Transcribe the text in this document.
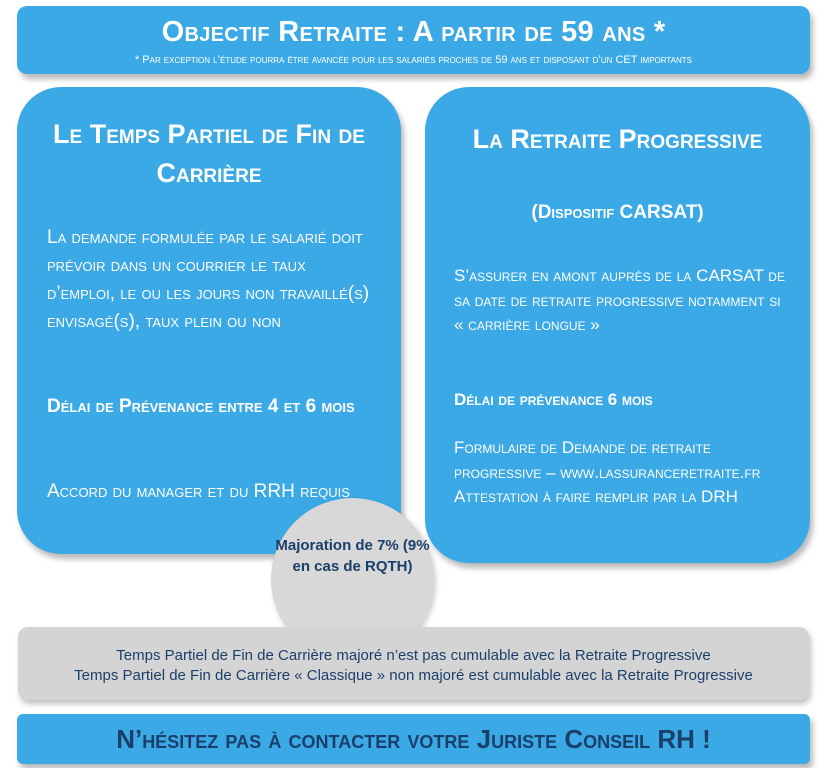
Objectif Retraite : A partir de 59 ans *
* Par exception l’étude pourra être avancée pour les salariés proches de 59 ans et disposant d’un CET importants
Le Temps Partiel de Fin de Carrière
La demande formulée par le salarié doit prévoir dans un courrier le taux d’emploi, le ou les jours non travaillé(s) envisagé(s), taux plein ou non
Délai de Prévenance entre 4 et 6 mois
Accord du manager et du RRH requis
La Retraite Progressive
(Dispositif CARSAT)
S’assurer en amont auprès de la CARSAT de sa date de retraite progressive notamment si « carrière longue »
Délai de prévenance 6 mois
Formulaire de Demande de retraite progressive – www.lassuranceretraite.fr Attestation à faire remplir par la DRH
Majoration de 7% (9% en cas de RQTH)
Temps Partiel de Fin de Carrière majoré n’est pas cumulable avec la Retraite Progressive
Temps Partiel de Fin de Carrière « Classique » non majoré est cumulable avec la Retraite Progressive
N’hésitez pas à contacter votre Juriste Conseil RH !
